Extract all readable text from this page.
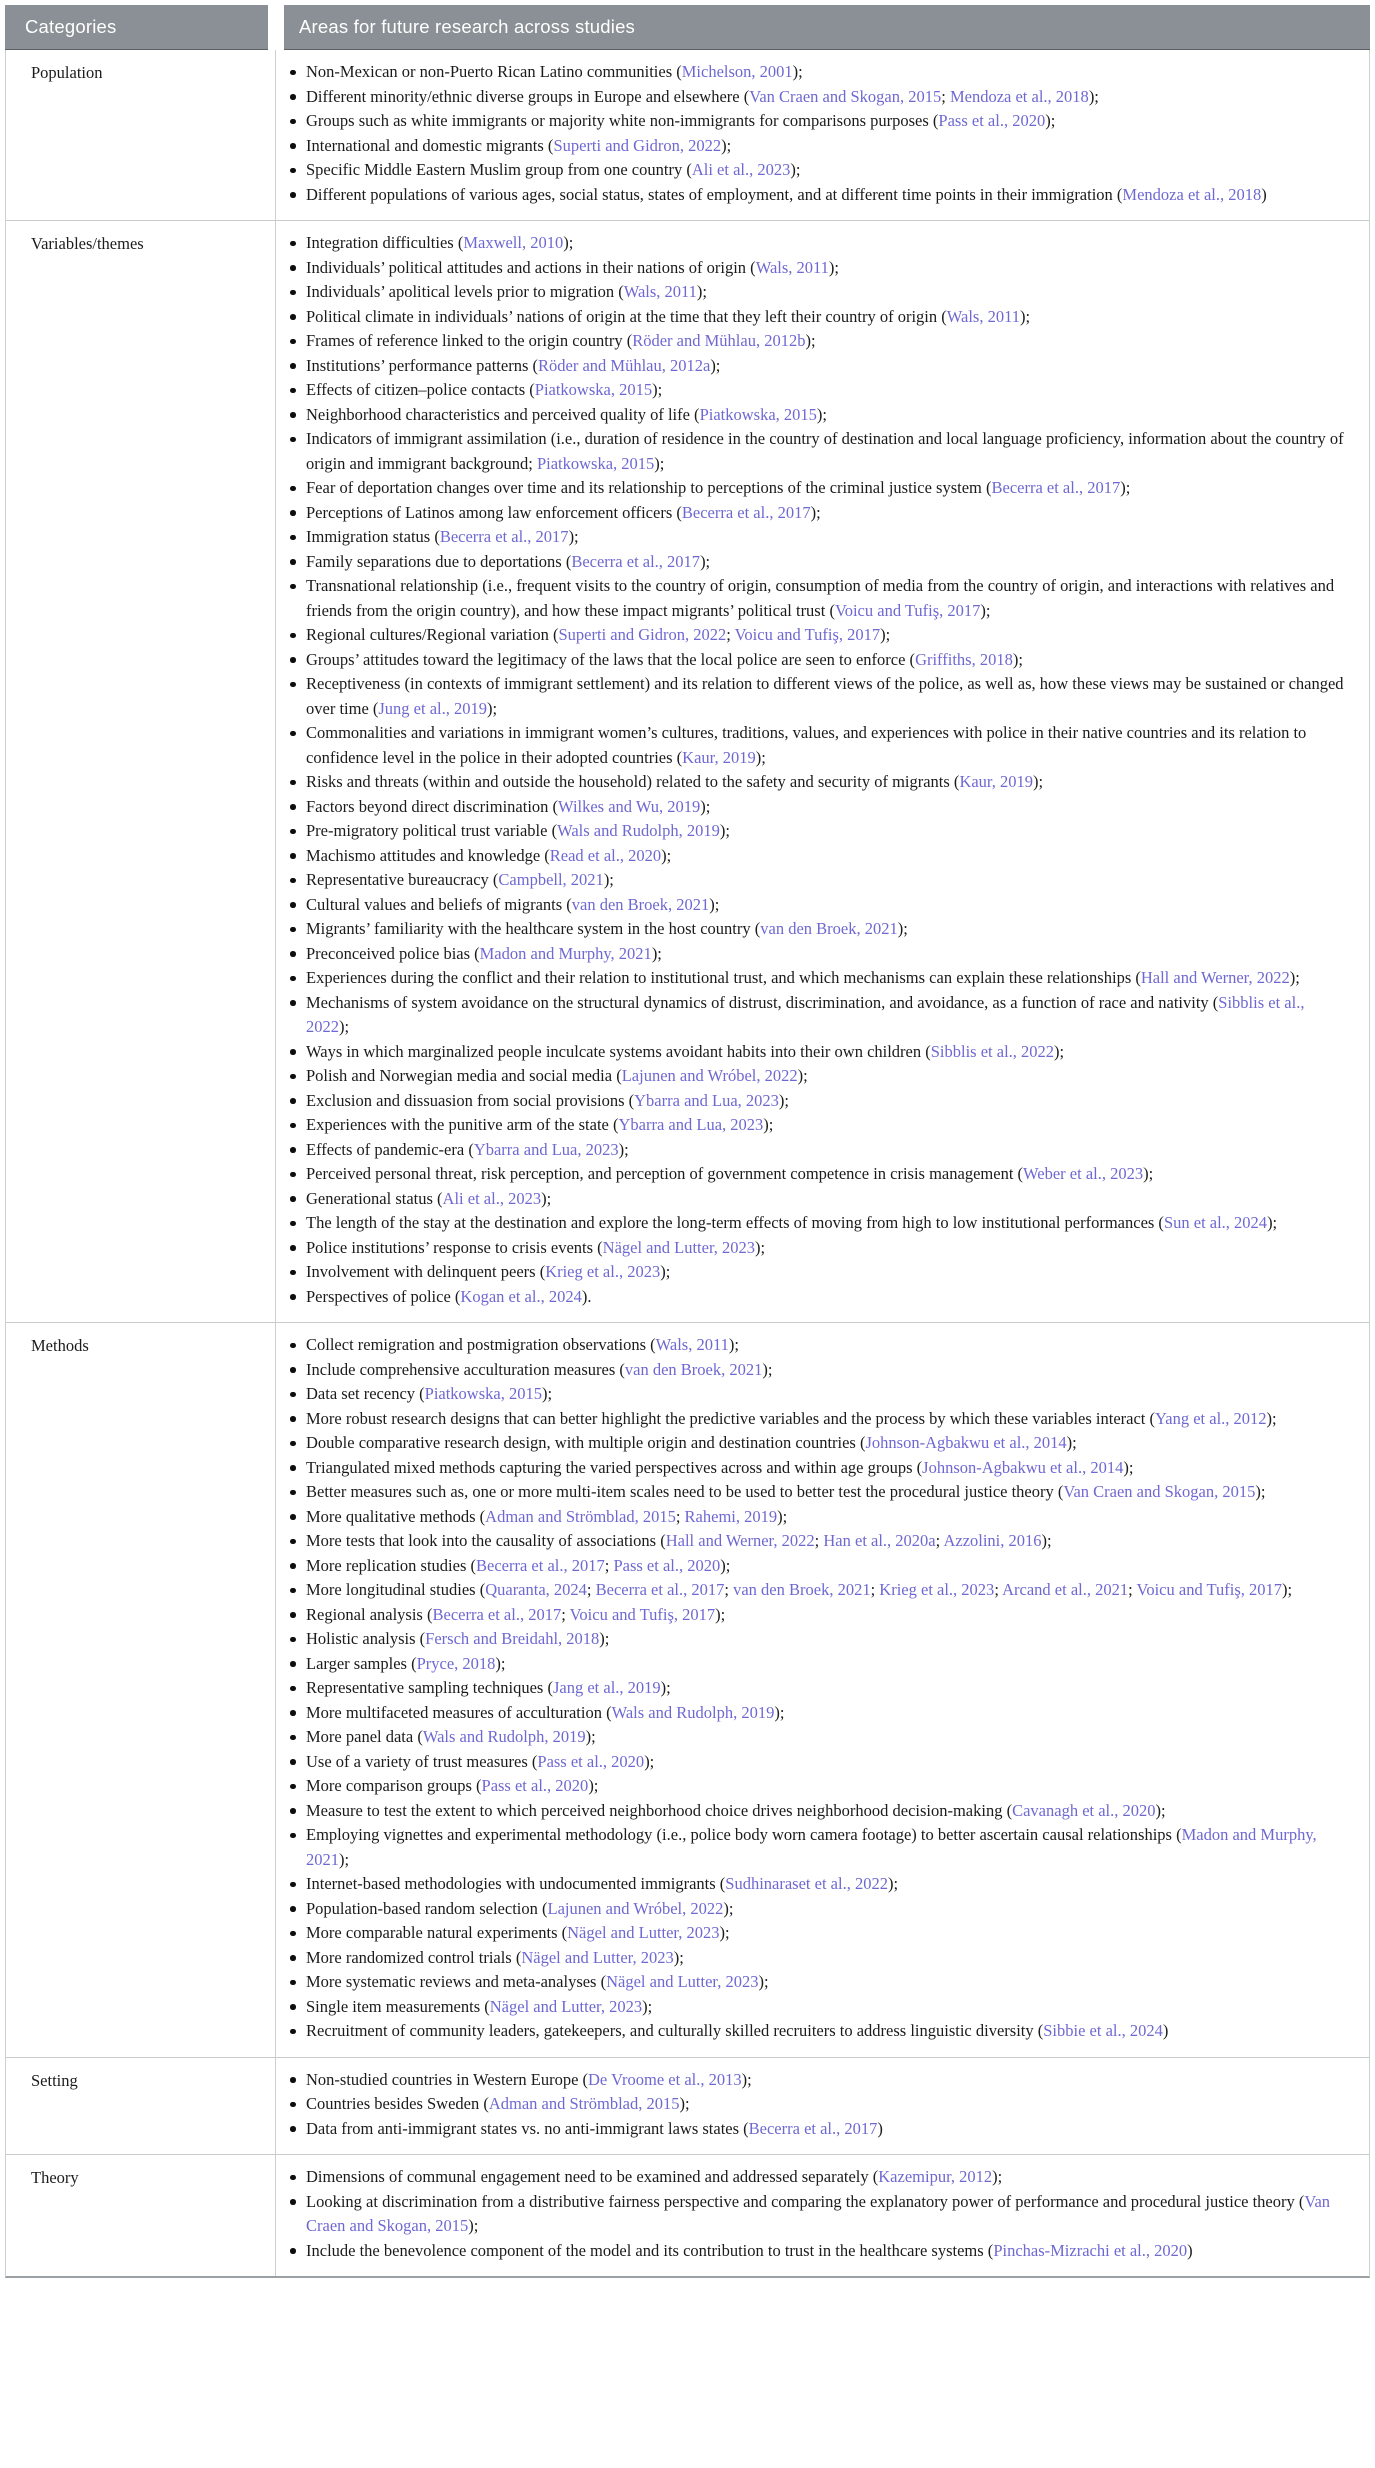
Categories	Areas for future research across studies
Population	Non-Mexican or non-Puerto Rican Latino communities (Michelson, 2001);
Different minority/ethnic diverse groups in Europe and elsewhere (Van Craen and Skogan, 2015; Mendoza et al., 2018);
Groups such as white immigrants or majority white non-immigrants for comparisons purposes (Pass et al., 2020);
International and domestic migrants (Superti and Gidron, 2022);
Specific Middle Eastern Muslim group from one country (Ali et al., 2023);
Different populations of various ages, social status, states of employment, and at different time points in their immigration (Mendoza et al., 2018)
Variables/themes	Integration difficulties (Maxwell, 2010);
Individuals’ political attitudes and actions in their nations of origin (Wals, 2011);
Individuals’ apolitical levels prior to migration (Wals, 2011);
Political climate in individuals’ nations of origin at the time that they left their country of origin (Wals, 2011);
Frames of reference linked to the origin country (Röder and Mühlau, 2012b);
Institutions’ performance patterns (Röder and Mühlau, 2012a);
Effects of citizen–police contacts (Piatkowska, 2015);
Neighborhood characteristics and perceived quality of life (Piatkowska, 2015);
Indicators of immigrant assimilation (i.e., duration of residence in the country of destination and local language proficiency, information about the country of origin and immigrant background; Piatkowska, 2015);
Fear of deportation changes over time and its relationship to perceptions of the criminal justice system (Becerra et al., 2017);
Perceptions of Latinos among law enforcement officers (Becerra et al., 2017);
Immigration status (Becerra et al., 2017);
Family separations due to deportations (Becerra et al., 2017);
Transnational relationship (i.e., frequent visits to the country of origin, consumption of media from the country of origin, and interactions with relatives and friends from the origin country), and how these impact migrants’ political trust (Voicu and Tufiş, 2017);
Regional cultures/Regional variation (Superti and Gidron, 2022; Voicu and Tufiş, 2017);
Groups’ attitudes toward the legitimacy of the laws that the local police are seen to enforce (Griffiths, 2018);
Receptiveness (in contexts of immigrant settlement) and its relation to different views of the police, as well as, how these views may be sustained or changed over time (Jung et al., 2019);
Commonalities and variations in immigrant women’s cultures, traditions, values, and experiences with police in their native countries and its relation to confidence level in the police in their adopted countries (Kaur, 2019);
Risks and threats (within and outside the household) related to the safety and security of migrants (Kaur, 2019);
Factors beyond direct discrimination (Wilkes and Wu, 2019);
Pre-migratory political trust variable (Wals and Rudolph, 2019);
Machismo attitudes and knowledge (Read et al., 2020);
Representative bureaucracy (Campbell, 2021);
Cultural values and beliefs of migrants (van den Broek, 2021);
Migrants’ familiarity with the healthcare system in the host country (van den Broek, 2021);
Preconceived police bias (Madon and Murphy, 2021);
Experiences during the conflict and their relation to institutional trust, and which mechanisms can explain these relationships (Hall and Werner, 2022);
Mechanisms of system avoidance on the structural dynamics of distrust, discrimination, and avoidance, as a function of race and nativity (Sibblis et al., 2022);
Ways in which marginalized people inculcate systems avoidant habits into their own children (Sibblis et al., 2022);
Polish and Norwegian media and social media (Lajunen and Wróbel, 2022);
Exclusion and dissuasion from social provisions (Ybarra and Lua, 2023);
Experiences with the punitive arm of the state (Ybarra and Lua, 2023);
Effects of pandemic-era (Ybarra and Lua, 2023);
Perceived personal threat, risk perception, and perception of government competence in crisis management (Weber et al., 2023);
Generational status (Ali et al., 2023);
The length of the stay at the destination and explore the long-term effects of moving from high to low institutional performances (Sun et al., 2024);
Police institutions’ response to crisis events (Nägel and Lutter, 2023);
Involvement with delinquent peers (Krieg et al., 2023);
Perspectives of police (Kogan et al., 2024).
Methods	Collect remigration and postmigration observations (Wals, 2011);
Include comprehensive acculturation measures (van den Broek, 2021);
Data set recency (Piatkowska, 2015);
More robust research designs that can better highlight the predictive variables and the process by which these variables interact (Yang et al., 2012);
Double comparative research design, with multiple origin and destination countries (Johnson-Agbakwu et al., 2014);
Triangulated mixed methods capturing the varied perspectives across and within age groups (Johnson-Agbakwu et al., 2014);
Better measures such as, one or more multi-item scales need to be used to better test the procedural justice theory (Van Craen and Skogan, 2015);
More qualitative methods (Adman and Strömblad, 2015; Rahemi, 2019);
More tests that look into the causality of associations (Hall and Werner, 2022; Han et al., 2020a; Azzolini, 2016);
More replication studies (Becerra et al., 2017; Pass et al., 2020);
More longitudinal studies (Quaranta, 2024; Becerra et al., 2017; van den Broek, 2021; Krieg et al., 2023; Arcand et al., 2021; Voicu and Tufiş, 2017);
Regional analysis (Becerra et al., 2017; Voicu and Tufiş, 2017);
Holistic analysis (Fersch and Breidahl, 2018);
Larger samples (Pryce, 2018);
Representative sampling techniques (Jang et al., 2019);
More multifaceted measures of acculturation (Wals and Rudolph, 2019);
More panel data (Wals and Rudolph, 2019);
Use of a variety of trust measures (Pass et al., 2020);
More comparison groups (Pass et al., 2020);
Measure to test the extent to which perceived neighborhood choice drives neighborhood decision-making (Cavanagh et al., 2020);
Employing vignettes and experimental methodology (i.e., police body worn camera footage) to better ascertain causal relationships (Madon and Murphy, 2021);
Internet-based methodologies with undocumented immigrants (Sudhinaraset et al., 2022);
Population-based random selection (Lajunen and Wróbel, 2022);
More comparable natural experiments (Nägel and Lutter, 2023);
More randomized control trials (Nägel and Lutter, 2023);
More systematic reviews and meta-analyses (Nägel and Lutter, 2023);
Single item measurements (Nägel and Lutter, 2023);
Recruitment of community leaders, gatekeepers, and culturally skilled recruiters to address linguistic diversity (Sibbie et al., 2024)
Setting	Non-studied countries in Western Europe (De Vroome et al., 2013);
Countries besides Sweden (Adman and Strömblad, 2015);
Data from anti-immigrant states vs. no anti-immigrant laws states (Becerra et al., 2017)
Theory	Dimensions of communal engagement need to be examined and addressed separately (Kazemipur, 2012);
Looking at discrimination from a distributive fairness perspective and comparing the explanatory power of performance and procedural justice theory (Van Craen and Skogan, 2015);
Include the benevolence component of the model and its contribution to trust in the healthcare systems (Pinchas-Mizrachi et al., 2020)
